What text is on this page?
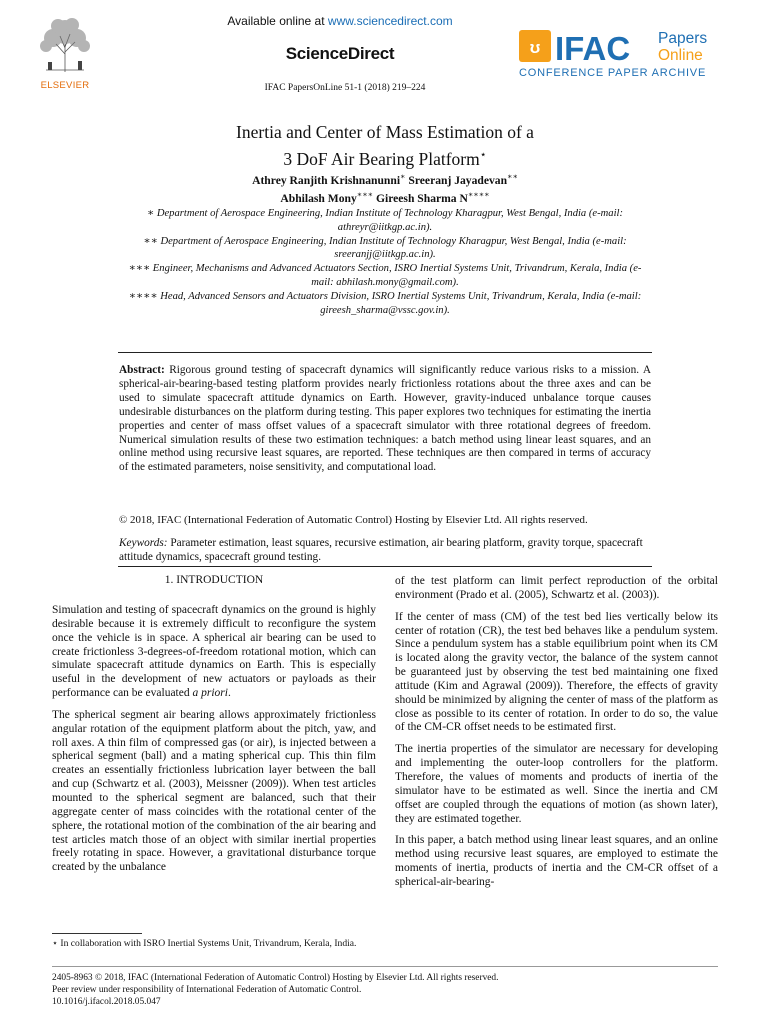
ELSEVIER
Available online at www.sciencedirect.com
ScienceDirect
IFAC PapersOnLine 51-1 (2018) 219–224
ʊ IFAC Papers
Online
CONFERENCE PAPER ARCHIVE
Inertia and Center of Mass Estimation of a
3 DoF Air Bearing Platform⋆
Athrey Ranjith Krishnanunni∗ Sreeranj Jayadevan∗∗
Abhilash Mony∗∗∗ Gireesh Sharma N∗∗∗∗

∗ Department of Aerospace Engineering, Indian Institute of Technology Kharagpur, West Bengal, India (e-mail: athreyr@iitkgp.ac.in).

∗∗ Department of Aerospace Engineering, Indian Institute of Technology Kharagpur, West Bengal, India (e-mail: sreeranjj@iitkgp.ac.in).

∗∗∗ Engineer, Mechanisms and Advanced Actuators Section, ISRO Inertial Systems Unit, Trivandrum, Kerala, India (e-mail: abhilash.mony@gmail.com).

∗∗∗∗ Head, Advanced Sensors and Actuators Division, ISRO Inertial Systems Unit, Trivandrum, Kerala, India (e-mail: gireesh_sharma@vssc.gov.in).

Abstract: Rigorous ground testing of spacecraft dynamics will significantly reduce various risks to a mission. A spherical-air-bearing-based testing platform provides nearly frictionless rotations about the three axes and can be used to simulate spacecraft attitude dynamics on Earth. However, gravity-induced unbalance torque causes undesirable disturbances on the platform during testing. This paper explores two techniques for estimating the inertia properties and center of mass offset values of a spacecraft simulator with three rotational degrees of freedom. Numerical simulation results of these two estimation techniques: a batch method using linear least squares, and an online method using recursive least squares, are reported. These techniques are then compared in terms of accuracy of the estimated parameters, noise sensitivity, and computational load.
© 2018, IFAC (International Federation of Automatic Control) Hosting by Elsevier Ltd. All rights reserved.
Keywords: Parameter estimation, least squares, recursive estimation, air bearing platform, gravity torque, spacecraft attitude dynamics, spacecraft ground testing.
1. INTRODUCTION

Simulation and testing of spacecraft dynamics on the ground is highly desirable because it is extremely difficult to reconfigure the system once the vehicle is in space. A spherical air bearing can be used to create frictionless 3-degrees-of-freedom rotational motion, which can simulate spacecraft attitude dynamics on Earth. This is especially useful in the development of new actuators or payloads as their performance can be evaluated a priori.

The spherical segment air bearing allows approximately frictionless angular rotation of the equipment platform about the pitch, yaw, and roll axes. A thin film of compressed gas (or air), is injected between a spherical segment (ball) and a mating spherical cup. This thin film creates an essentially frictionless lubrication layer between the ball and cup (Schwartz et al. (2003), Meissner (2009)). When test articles mounted to the spherical segment are balanced, such that their aggregate center of mass coincides with the rotational center of the sphere, the rotational motion of the combination of the air bearing and test articles match those of an object with similar inertial properties freely rotating in space. However, a gravitational disturbance torque created by the unbalance

⋆ In collaboration with ISRO Inertial Systems Unit, Trivandrum, Kerala, India.

of the test platform can limit perfect reproduction of the orbital environment (Prado et al. (2005), Schwartz et al. (2003)).

If the center of mass (CM) of the test bed lies vertically below its center of rotation (CR), the test bed behaves like a pendulum system. Since a pendulum system has a stable equilibrium point when its CM is located along the gravity vector, the balance of the system cannot be guaranteed just by observing the test bed maintaining one fixed attitude (Kim and Agrawal (2009)). Therefore, the effects of gravity should be minimized by aligning the center of mass of the platform as close as possible to its center of rotation. In order to do so, the value of the CM-CR offset needs to be estimated first.

The inertia properties of the simulator are necessary for developing and implementing the outer-loop controllers for the platform. Therefore, the values of moments and products of inertia of the simulator have to be estimated as well. Since the inertia and CM offset are coupled through the equations of motion (as shown later), they are estimated together.

In this paper, a batch method using linear least squares, and an online method using recursive least squares, are employed to estimate the moments of inertia, products of inertia and the CM-CR offset of a spherical-air-bearing-

2405-8963 © 2018, IFAC (International Federation of Automatic Control) Hosting by Elsevier Ltd. All rights reserved.
Peer review under responsibility of International Federation of Automatic Control.
10.1016/j.ifacol.2018.05.047
